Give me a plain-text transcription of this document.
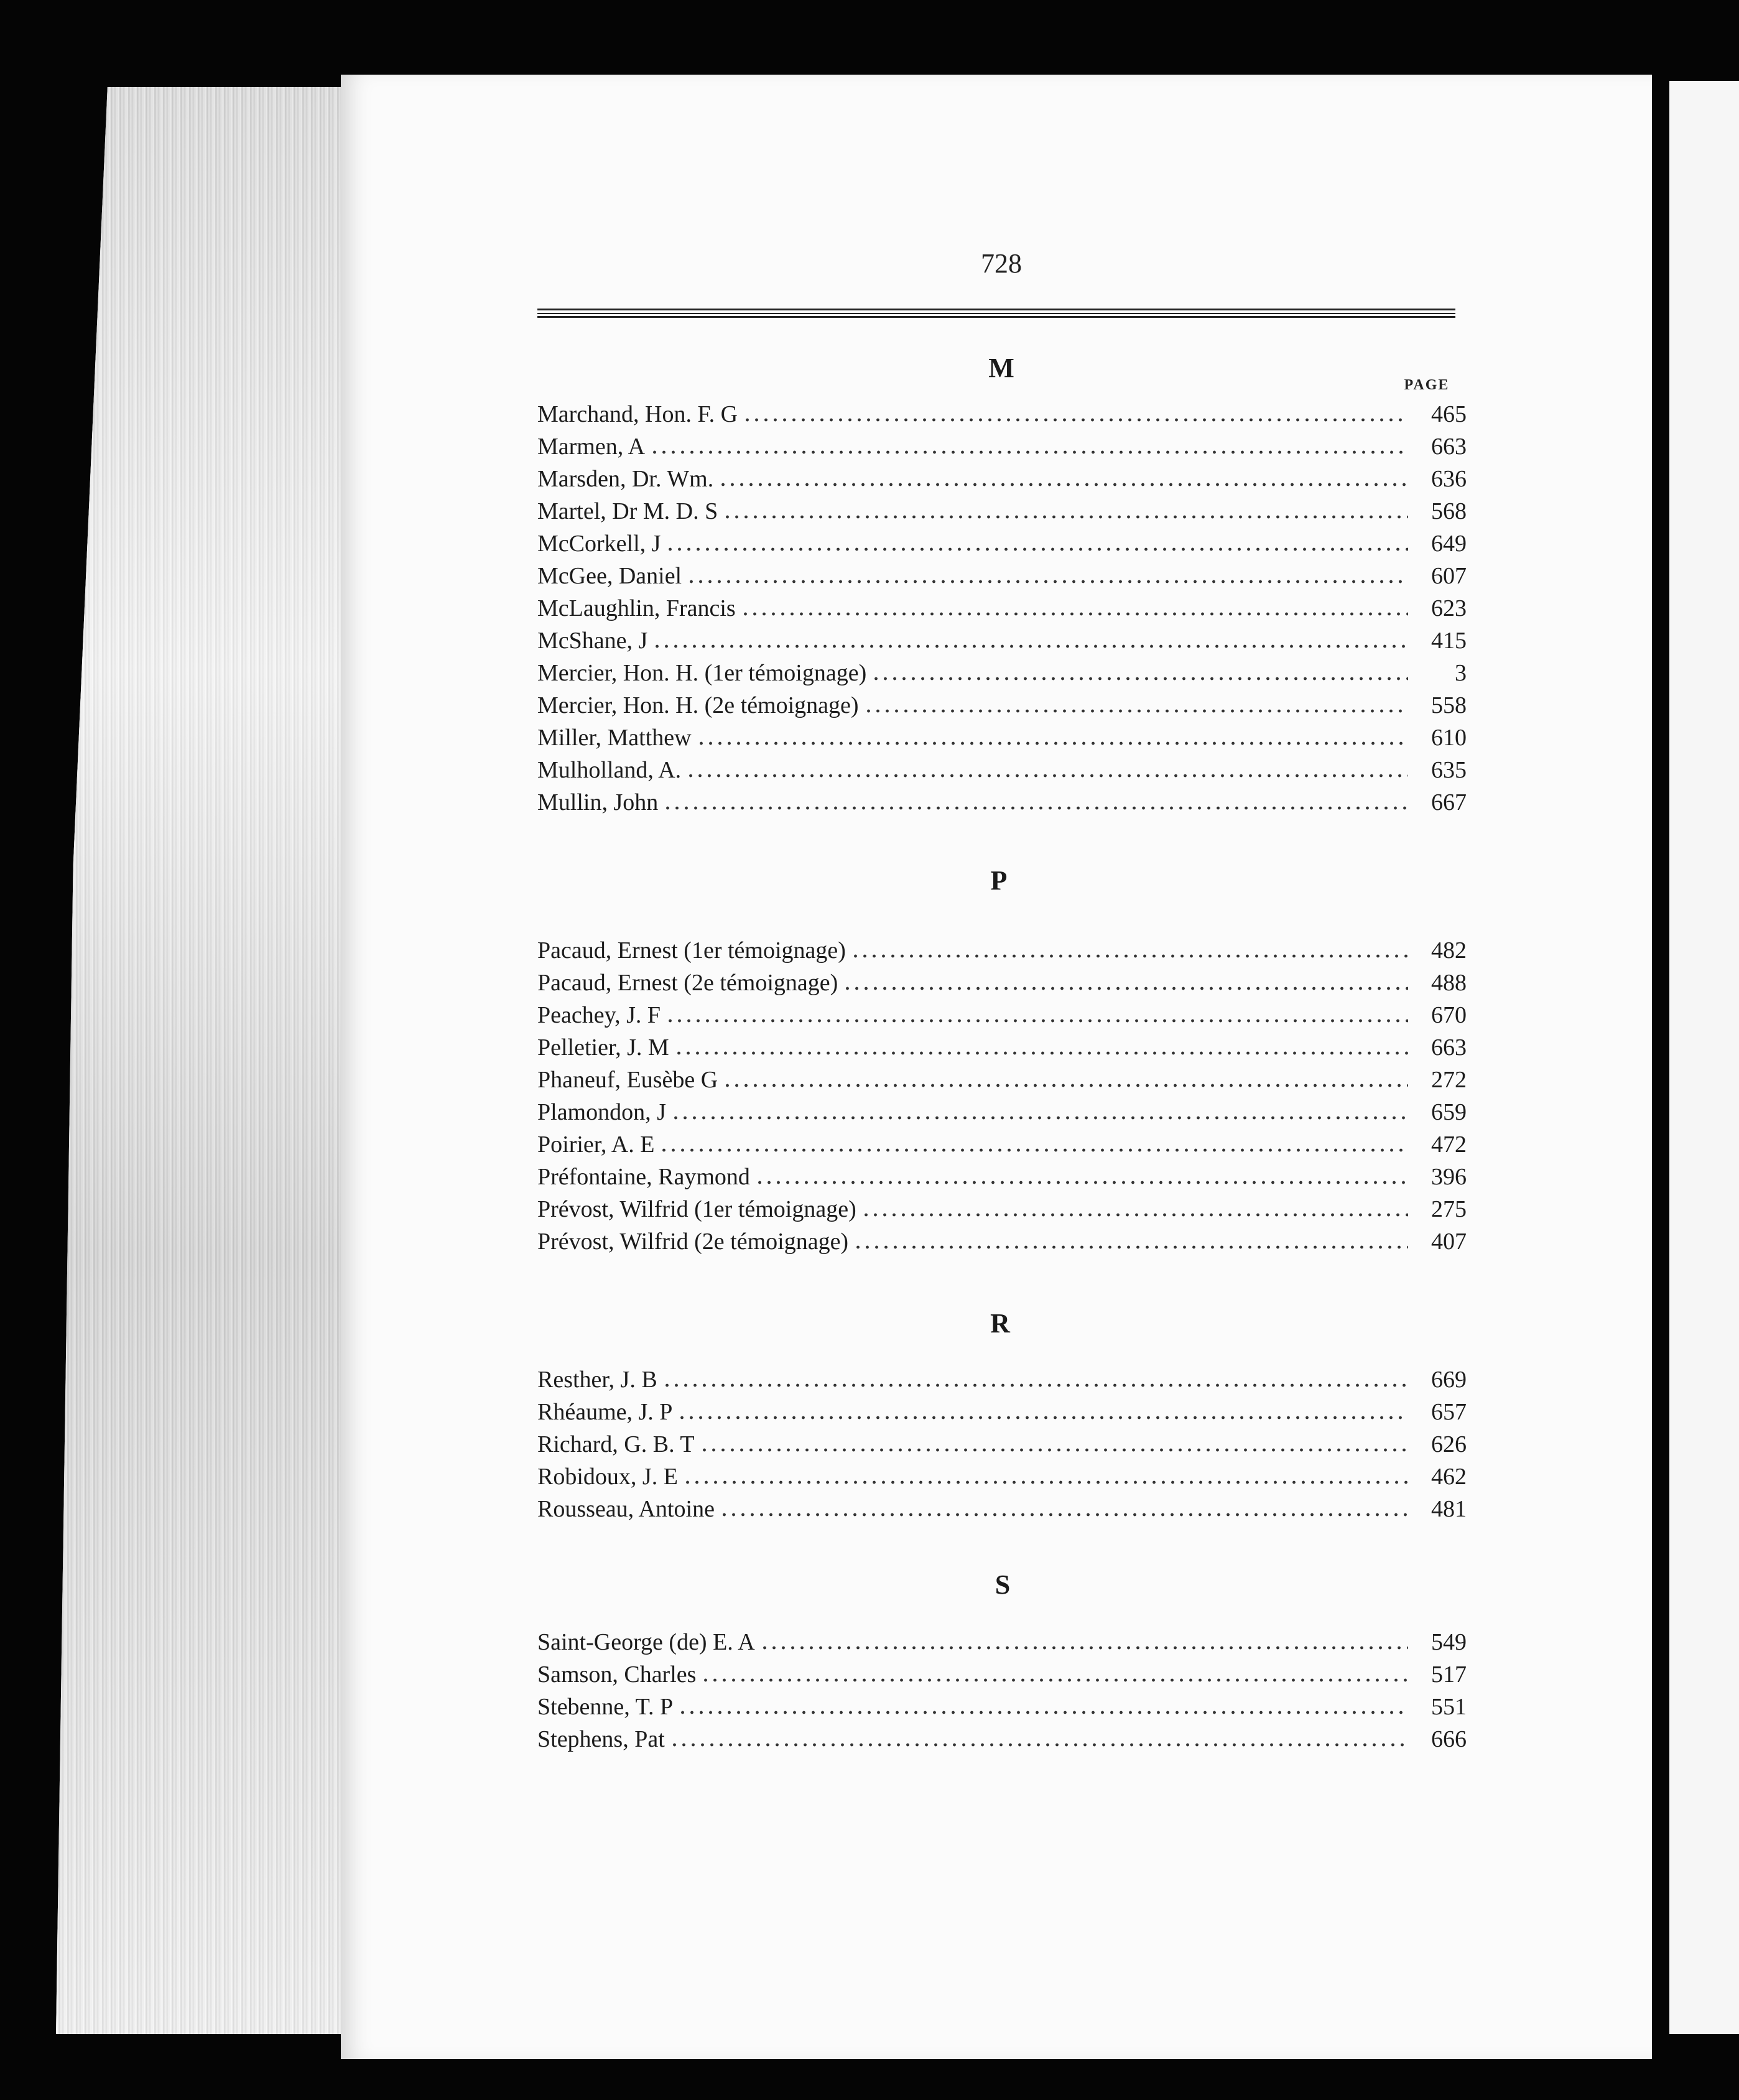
728
PAGE
M
Marchand, Hon. F. G	465
Marmen, A	663
Marsden, Dr. Wm.	636
Martel, Dr M. D. S	568
McCorkell, J	649
McGee, Daniel	607
McLaughlin, Francis	623
McShane, J	415
Mercier, Hon. H. (1er témoignage)	3
Mercier, Hon. H. (2e témoignage)	558
Miller, Matthew	610
Mulholland, A.	635
Mullin, John	667
P
Pacaud, Ernest (1er témoignage)	482
Pacaud, Ernest (2e témoignage)	488
Peachey, J. F	670
Pelletier, J. M	663
Phaneuf, Eusèbe G	272
Plamondon, J	659
Poirier, A. E	472
Préfontaine, Raymond	396
Prévost, Wilfrid (1er témoignage)	275
Prévost, Wilfrid (2e témoignage)	407
R
Resther, J. B	669
Rhéaume, J. P	657
Richard, G. B. T	626
Robidoux, J. E	462
Rousseau, Antoine	481
S
Saint-George (de) E. A	549
Samson, Charles	517
Stebenne, T. P	551
Stephens, Pat	666
